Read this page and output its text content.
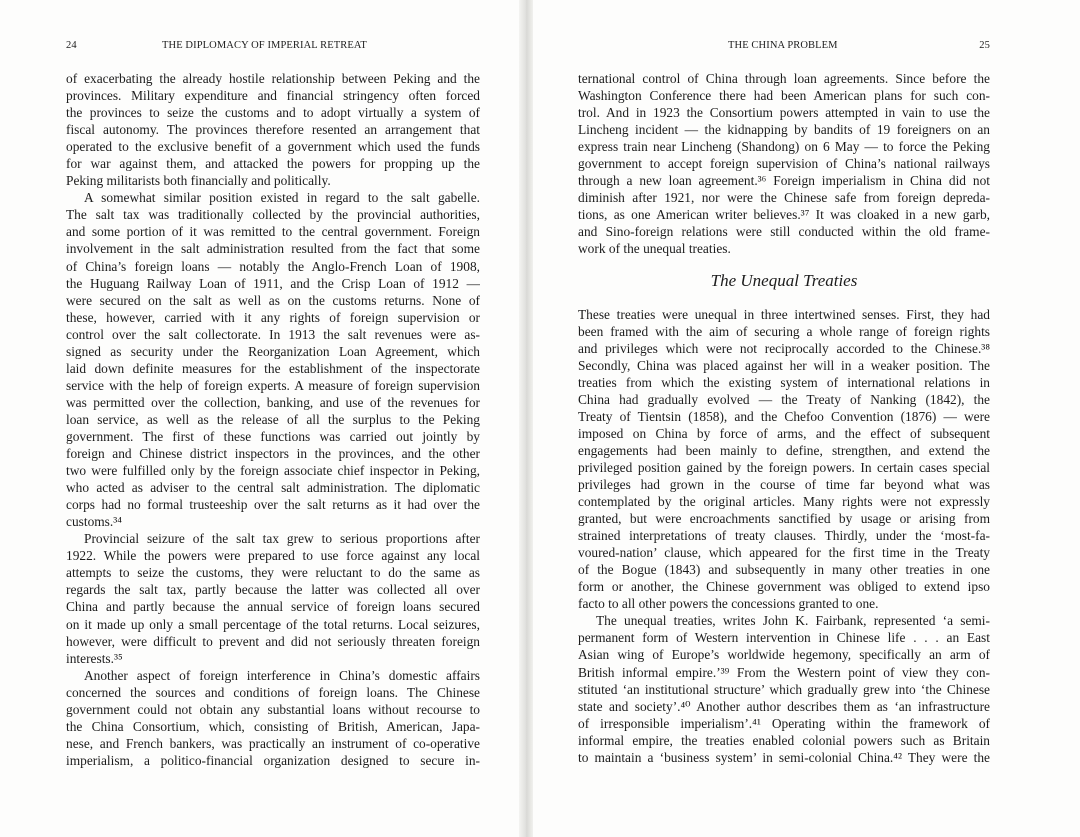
24	THE DIPLOMACY OF IMPERIAL RETREAT
of exacerbating the already hostile relationship between Peking and the
provinces. Military expenditure and financial stringency often forced
the provinces to seize the customs and to adopt virtually a system of
fiscal autonomy. The provinces therefore resented an arrangement that
operated to the exclusive benefit of a government which used the funds
for war against them, and attacked the powers for propping up the
Peking militarists both financially and politically.
A somewhat similar position existed in regard to the salt gabelle.
The salt tax was traditionally collected by the provincial authorities,
and some portion of it was remitted to the central government. Foreign
involvement in the salt administration resulted from the fact that some
of China’s foreign loans — notably the Anglo-French Loan of 1908,
the Huguang Railway Loan of 1911, and the Crisp Loan of 1912 —
were secured on the salt as well as on the customs returns. None of
these, however, carried with it any rights of foreign supervision or
control over the salt collectorate. In 1913 the salt revenues were as-
signed as security under the Reorganization Loan Agreement, which
laid down definite measures for the establishment of the inspectorate
service with the help of foreign experts. A measure of foreign supervision
was permitted over the collection, banking, and use of the revenues for
loan service, as well as the release of all the surplus to the Peking
government. The first of these functions was carried out jointly by
foreign and Chinese district inspectors in the provinces, and the other
two were fulfilled only by the foreign associate chief inspector in Peking,
who acted as adviser to the central salt administration. The diplomatic
corps had no formal trusteeship over the salt returns as it had over the
customs.³⁴
Provincial seizure of the salt tax grew to serious proportions after
1922. While the powers were prepared to use force against any local
attempts to seize the customs, they were reluctant to do the same as
regards the salt tax, partly because the latter was collected all over
China and partly because the annual service of foreign loans secured
on it made up only a small percentage of the total returns. Local seizures,
however, were difficult to prevent and did not seriously threaten foreign
interests.³⁵
Another aspect of foreign interference in China’s domestic affairs
concerned the sources and conditions of foreign loans. The Chinese
government could not obtain any substantial loans without recourse to
the China Consortium, which, consisting of British, American, Japa-
nese, and French bankers, was practically an instrument of co-operative
imperialism, a politico-financial organization designed to secure in-
THE CHINA PROBLEM	25
ternational control of China through loan agreements. Since before the
Washington Conference there had been American plans for such con-
trol. And in 1923 the Consortium powers attempted in vain to use the
Lincheng incident — the kidnapping by bandits of 19 foreigners on an
express train near Lincheng (Shandong) on 6 May — to force the Peking
government to accept foreign supervision of China’s national railways
through a new loan agreement.³⁶ Foreign imperialism in China did not
diminish after 1921, nor were the Chinese safe from foreign depreda-
tions, as one American writer believes.³⁷ It was cloaked in a new garb,
and Sino-foreign relations were still conducted within the old frame-
work of the unequal treaties.
The Unequal Treaties
These treaties were unequal in three intertwined senses. First, they had
been framed with the aim of securing a whole range of foreign rights
and privileges which were not reciprocally accorded to the Chinese.³⁸
Secondly, China was placed against her will in a weaker position. The
treaties from which the existing system of international relations in
China had gradually evolved — the Treaty of Nanking (1842), the
Treaty of Tientsin (1858), and the Chefoo Convention (1876) — were
imposed on China by force of arms, and the effect of subsequent
engagements had been mainly to define, strengthen, and extend the
privileged position gained by the foreign powers. In certain cases special
privileges had grown in the course of time far beyond what was
contemplated by the original articles. Many rights were not expressly
granted, but were encroachments sanctified by usage or arising from
strained interpretations of treaty clauses. Thirdly, under the ‘most-fa-
voured-nation’ clause, which appeared for the first time in the Treaty
of the Bogue (1843) and subsequently in many other treaties in one
form or another, the Chinese government was obliged to extend ipso
facto to all other powers the concessions granted to one.
The unequal treaties, writes John K. Fairbank, represented ‘a semi-
permanent form of Western intervention in Chinese life . . . an East
Asian wing of Europe’s worldwide hegemony, specifically an arm of
British informal empire.’³⁹ From the Western point of view they con-
stituted ‘an institutional structure’ which gradually grew into ‘the Chinese
state and society’.⁴⁰ Another author describes them as ‘an infrastructure
of irresponsible imperialism’.⁴¹ Operating within the framework of
informal empire, the treaties enabled colonial powers such as Britain
to maintain a ‘business system’ in semi-colonial China.⁴² They were the
